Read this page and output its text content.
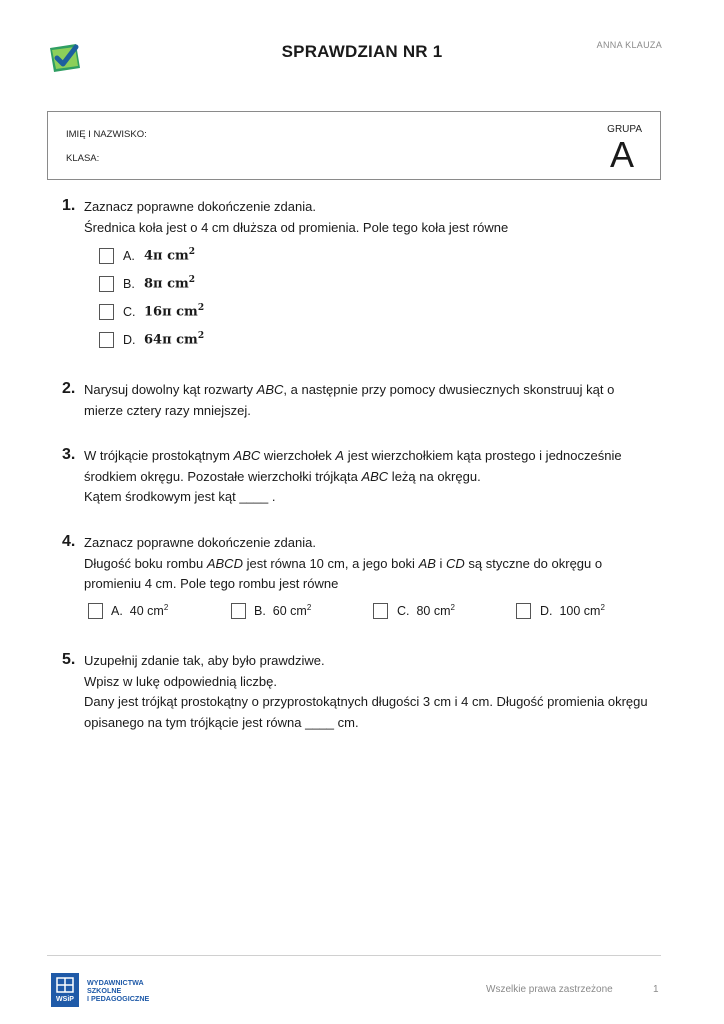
SPRAWDZIAN NR 1	ANNA KLAUZA
IMIĘ I NAZWISKO:
KLASA:
GRUPA
A
1. Zaznacz poprawne dokończenie zdania.

Średnica koła jest o 4 cm dłuższa od promienia. Pole tego koła jest równe

A. 4π $cm^2$
B. 8π $cm^2$
C. 16π $cm^2$
D. 64π $cm^2$
2. Narysuj dowolny kąt rozwarty ABC, a następnie przy pomocy dwusiecznych skonstruuj kąt o

mierze cztery razy mniejszej.

3. W trójkącie prostokątnym ABC wierzchołek A jest wierzchołkiem kąta prostego i jednocześnie

środkiem okręgu. Pozostałe wierzchołki trójkąta ABC leżą na okręgu.

Kątem środkowym jest kąt ____ .

4. Zaznacz poprawne dokończenie zdania.

Długość boku rombu ABCD jest równa 10 cm, a jego boki AB i CD są styczne do okręgu o

promieniu 4 cm. Pole tego rombu jest równe

A. 40 $cm^2$	B. 60 $cm^2$	C. 80 $cm^2$	D. 100 $cm^2$
5. Uzupełnij zdanie tak, aby było prawdziwe.

Wpisz w lukę odpowiednią liczbę.

Dany jest trójkąt prostokątny o przyprostokątnych długości 3 cm i 4 cm. Długość promienia okręgu

opisanego na tym trójkącie jest równa ____ cm.

WSiP
WYDAWNICTWA
SZKOLNE
I PEDAGOGICZNE
Wszelkie prawa zastrzeżone	1
